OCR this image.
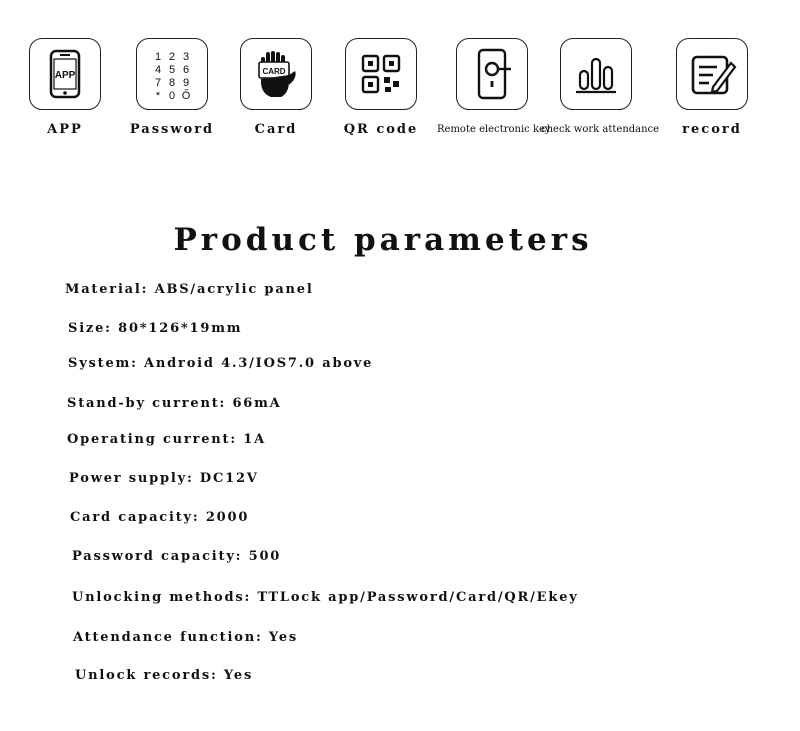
APP
APP
1 2 3
4 5 6
7 8 9
* 0 Ő
Password
CARD
Card	QR code	Remote electronic key
check work attendance	record
Product parameters

Material: ABS/acrylic panel

Size: 80*126*19mm

System: Android 4.3/IOS7.0 above

Stand-by current: 66mA

Operating current: 1A

Power supply: DC12V

Card capacity: 2000

Password capacity: 500

Unlocking methods: TTLock app/Password/Card/QR/Ekey

Attendance function: Yes

Unlock records: Yes
